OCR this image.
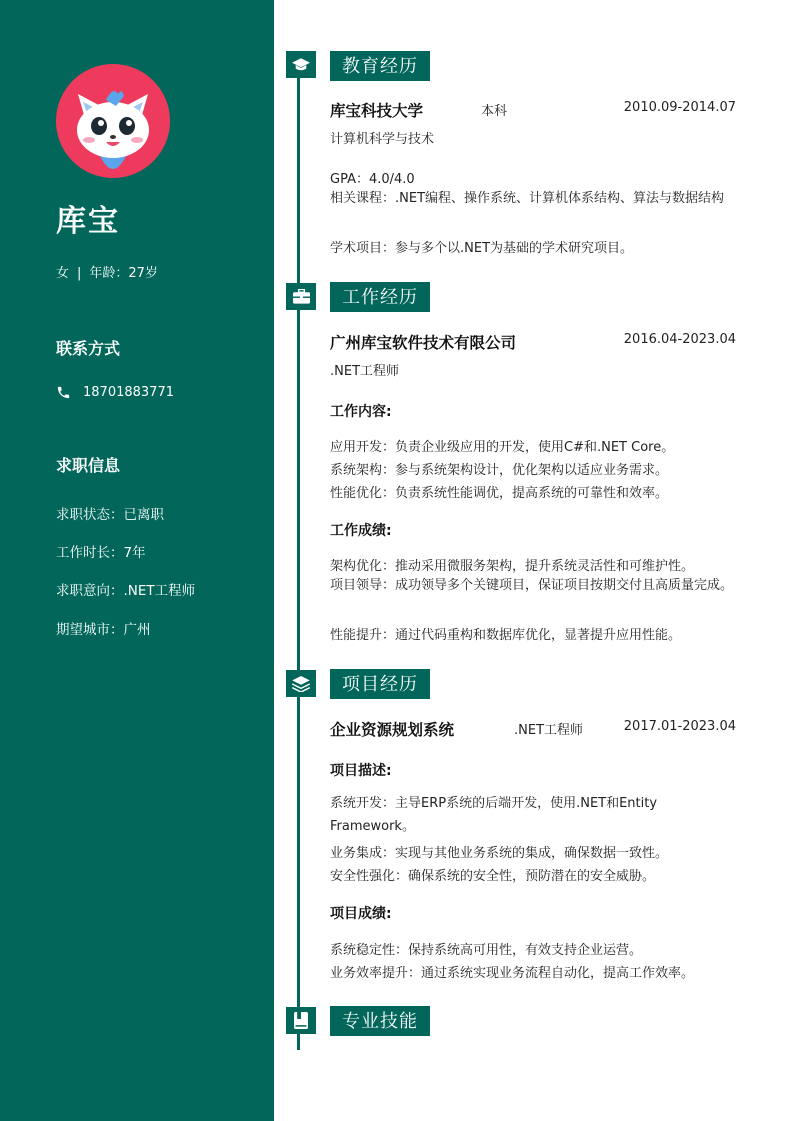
库宝
女 | 年龄：27岁
联系方式
18701883771
求职信息
求职状态：已离职
工作时长：7年
求职意向：.NET工程师
期望城市：广州
教育经历
库宝科技大学	本科	2010.09-2014.07
计算机科学与技术
GPA：4.0/4.0
相关课程：.NET编程、操作系统、计算机体系结构、算法与数据结构
学术项目：参与多个以.NET为基础的学术研究项目。
工作经历
广州库宝软件技术有限公司	2016.04-2023.04
.NET工程师
工作内容:
应用开发：负责企业级应用的开发，使用C#和.NET Core。
系统架构：参与系统架构设计，优化架构以适应业务需求。
性能优化：负责系统性能调优，提高系统的可靠性和效率。
工作成绩:
架构优化：推动采用微服务架构，提升系统灵活性和可维护性。
项目领导：成功领导多个关键项目，保证项目按期交付且高质量完成。
性能提升：通过代码重构和数据库优化，显著提升应用性能。
项目经历
企业资源规划系统	.NET工程师	2017.01-2023.04
项目描述:
系统开发：主导ERP系统的后端开发，使用.NET和Entity Framework。
业务集成：实现与其他业务系统的集成，确保数据一致性。
安全性强化：确保系统的安全性，预防潜在的安全威胁。
项目成绩:
系统稳定性：保持系统高可用性，有效支持企业运营。
业务效率提升：通过系统实现业务流程自动化，提高工作效率。
专业技能
